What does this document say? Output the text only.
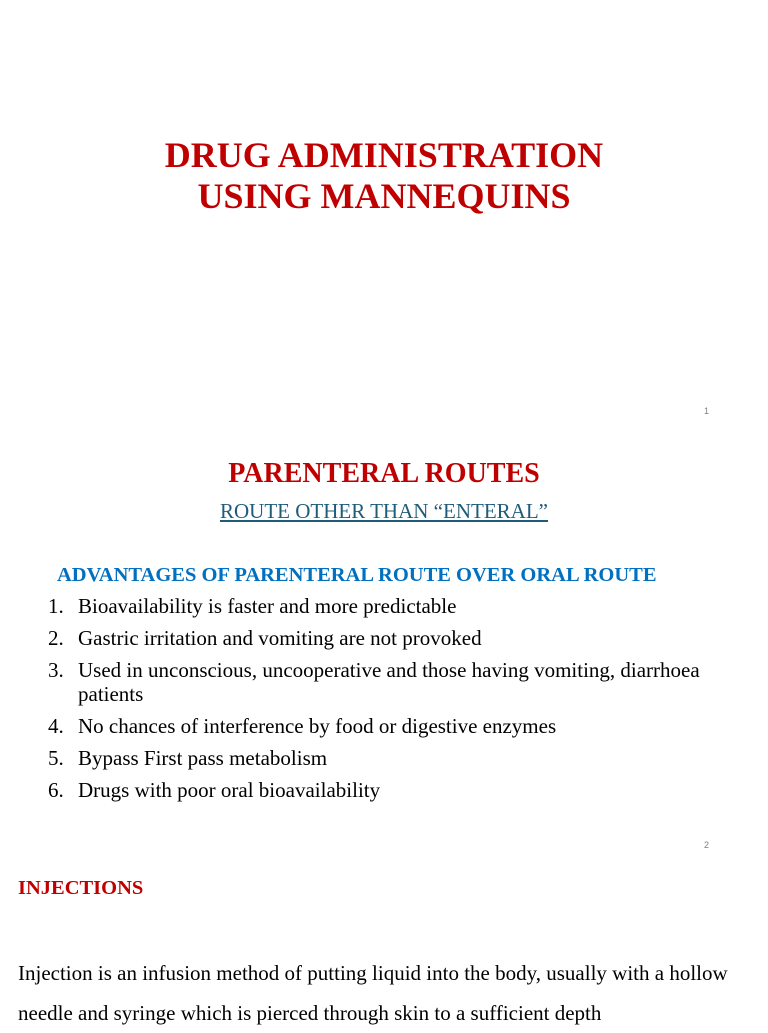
DRUG ADMINISTRATION
USING MANNEQUINS
1
PARENTERAL ROUTES
ROUTE OTHER THAN “ENTERAL”
ADVANTAGES OF PARENTERAL ROUTE OVER ORAL ROUTE
1. Bioavailability is faster and more predictable
2. Gastric irritation and vomiting are not provoked
3. Used in unconscious, uncooperative and those having vomiting, diarrhoea patients
4. No chances of interference by food or digestive enzymes
5. Bypass First pass metabolism
6. Drugs with poor oral bioavailability
2
INJECTIONS
Injection is an infusion method of putting liquid into the body, usually with a hollow needle and syringe which is pierced through skin to a sufficient depth
